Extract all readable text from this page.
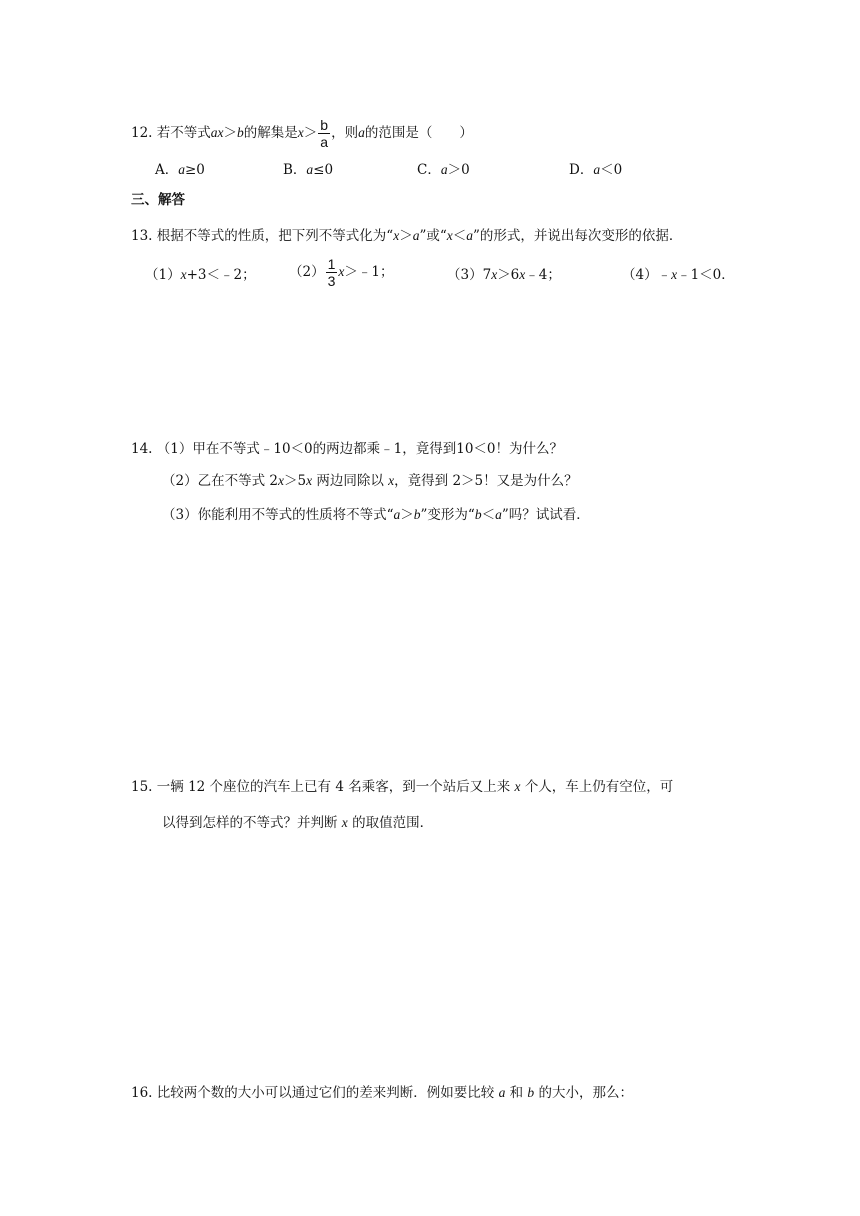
12. 若不等式ax＞b的解集是$x> \frac{b}{a}$ ，则a的范围是（　　）
A．a≥0	B．a≤0	C．a＞0	D．a＜0
三、解答
13. 根据不等式的性质，把下列不等式化为“x＞a”或“x＜a”的形式，并说出每次变形的依据．
（1）x+3＜﹣2； $(2) \frac{1}{3}$ x＞﹣1；	（3）7x＞6x﹣4；	（4）﹣x﹣1＜0．
14. （1）甲在不等式﹣10＜0的两边都乘﹣1，竟得到10＜0！为什么？
（2）乙在不等式 2x＞5x 两边同除以 x，竟得到 2＞5！又是为什么？
（3）你能利用不等式的性质将不等式“a＞b”变形为“b＜a”吗？试试看．
15. 一辆 12 个座位的汽车上已有 4 名乘客，到一个站后又上来 x 个人，车上仍有空位，可
以得到怎样的不等式？并判断 x 的取值范围．
16. 比较两个数的大小可以通过它们的差来判断．例如要比较 a 和 b 的大小，那么：
